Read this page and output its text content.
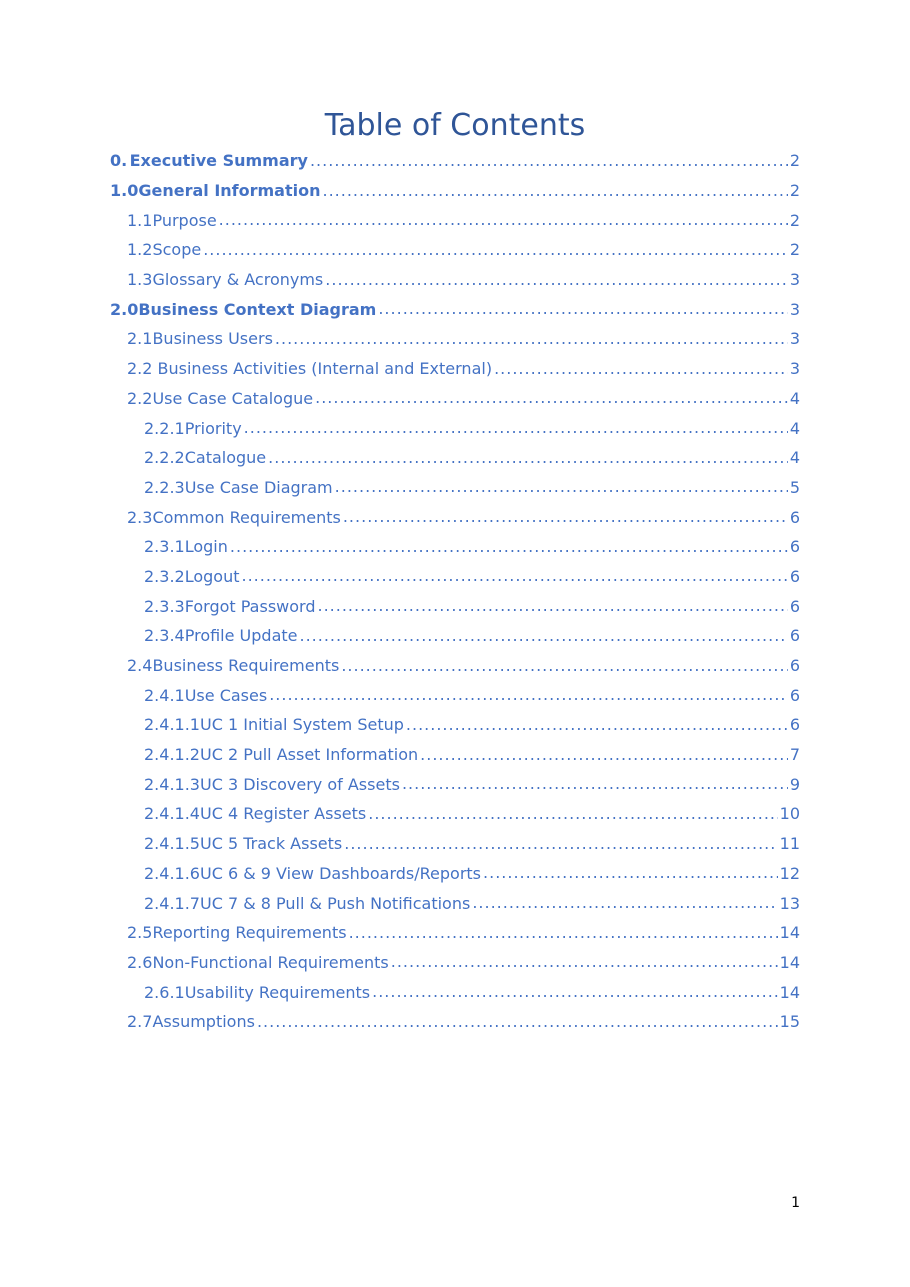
Table of Contents
0. Executive Summary .....	2
1.0 General Information .....	2
1.1 Purpose .....	2
1.2 Scope .....	2
1.3 Glossary & Acronyms .....	3
2.0 Business Context Diagram .....	3
2.1 Business Users .....	3
2.2 Business Activities (Internal and External) .....	3
2.2 Use Case Catalogue .....	4
2.2.1 Priority .....	4
2.2.2 Catalogue .....	4
2.2.3 Use Case Diagram .....	5
2.3 Common Requirements .....	6
2.3.1 Login .....	6
2.3.2 Logout .....	6
2.3.3 Forgot Password .....	6
2.3.4 Profile Update .....	6
2.4 Business Requirements .....	6
2.4.1 Use Cases .....	6
2.4.1.1 UC 1 Initial System Setup .....	6
2.4.1.2 UC 2 Pull Asset Information .....	7
2.4.1.3 UC 3 Discovery of Assets .....	9
2.4.1.4 UC 4 Register Assets .....	10
2.4.1.5 UC 5 Track Assets .....	11
2.4.1.6 UC 6 & 9 View Dashboards/Reports .....	12
2.4.1.7 UC 7 & 8 Pull & Push Notifications .....	13
2.5 Reporting Requirements .....	14
2.6 Non-Functional Requirements .....	14
2.6.1 Usability Requirements .....	14
2.7 Assumptions .....	15
1
